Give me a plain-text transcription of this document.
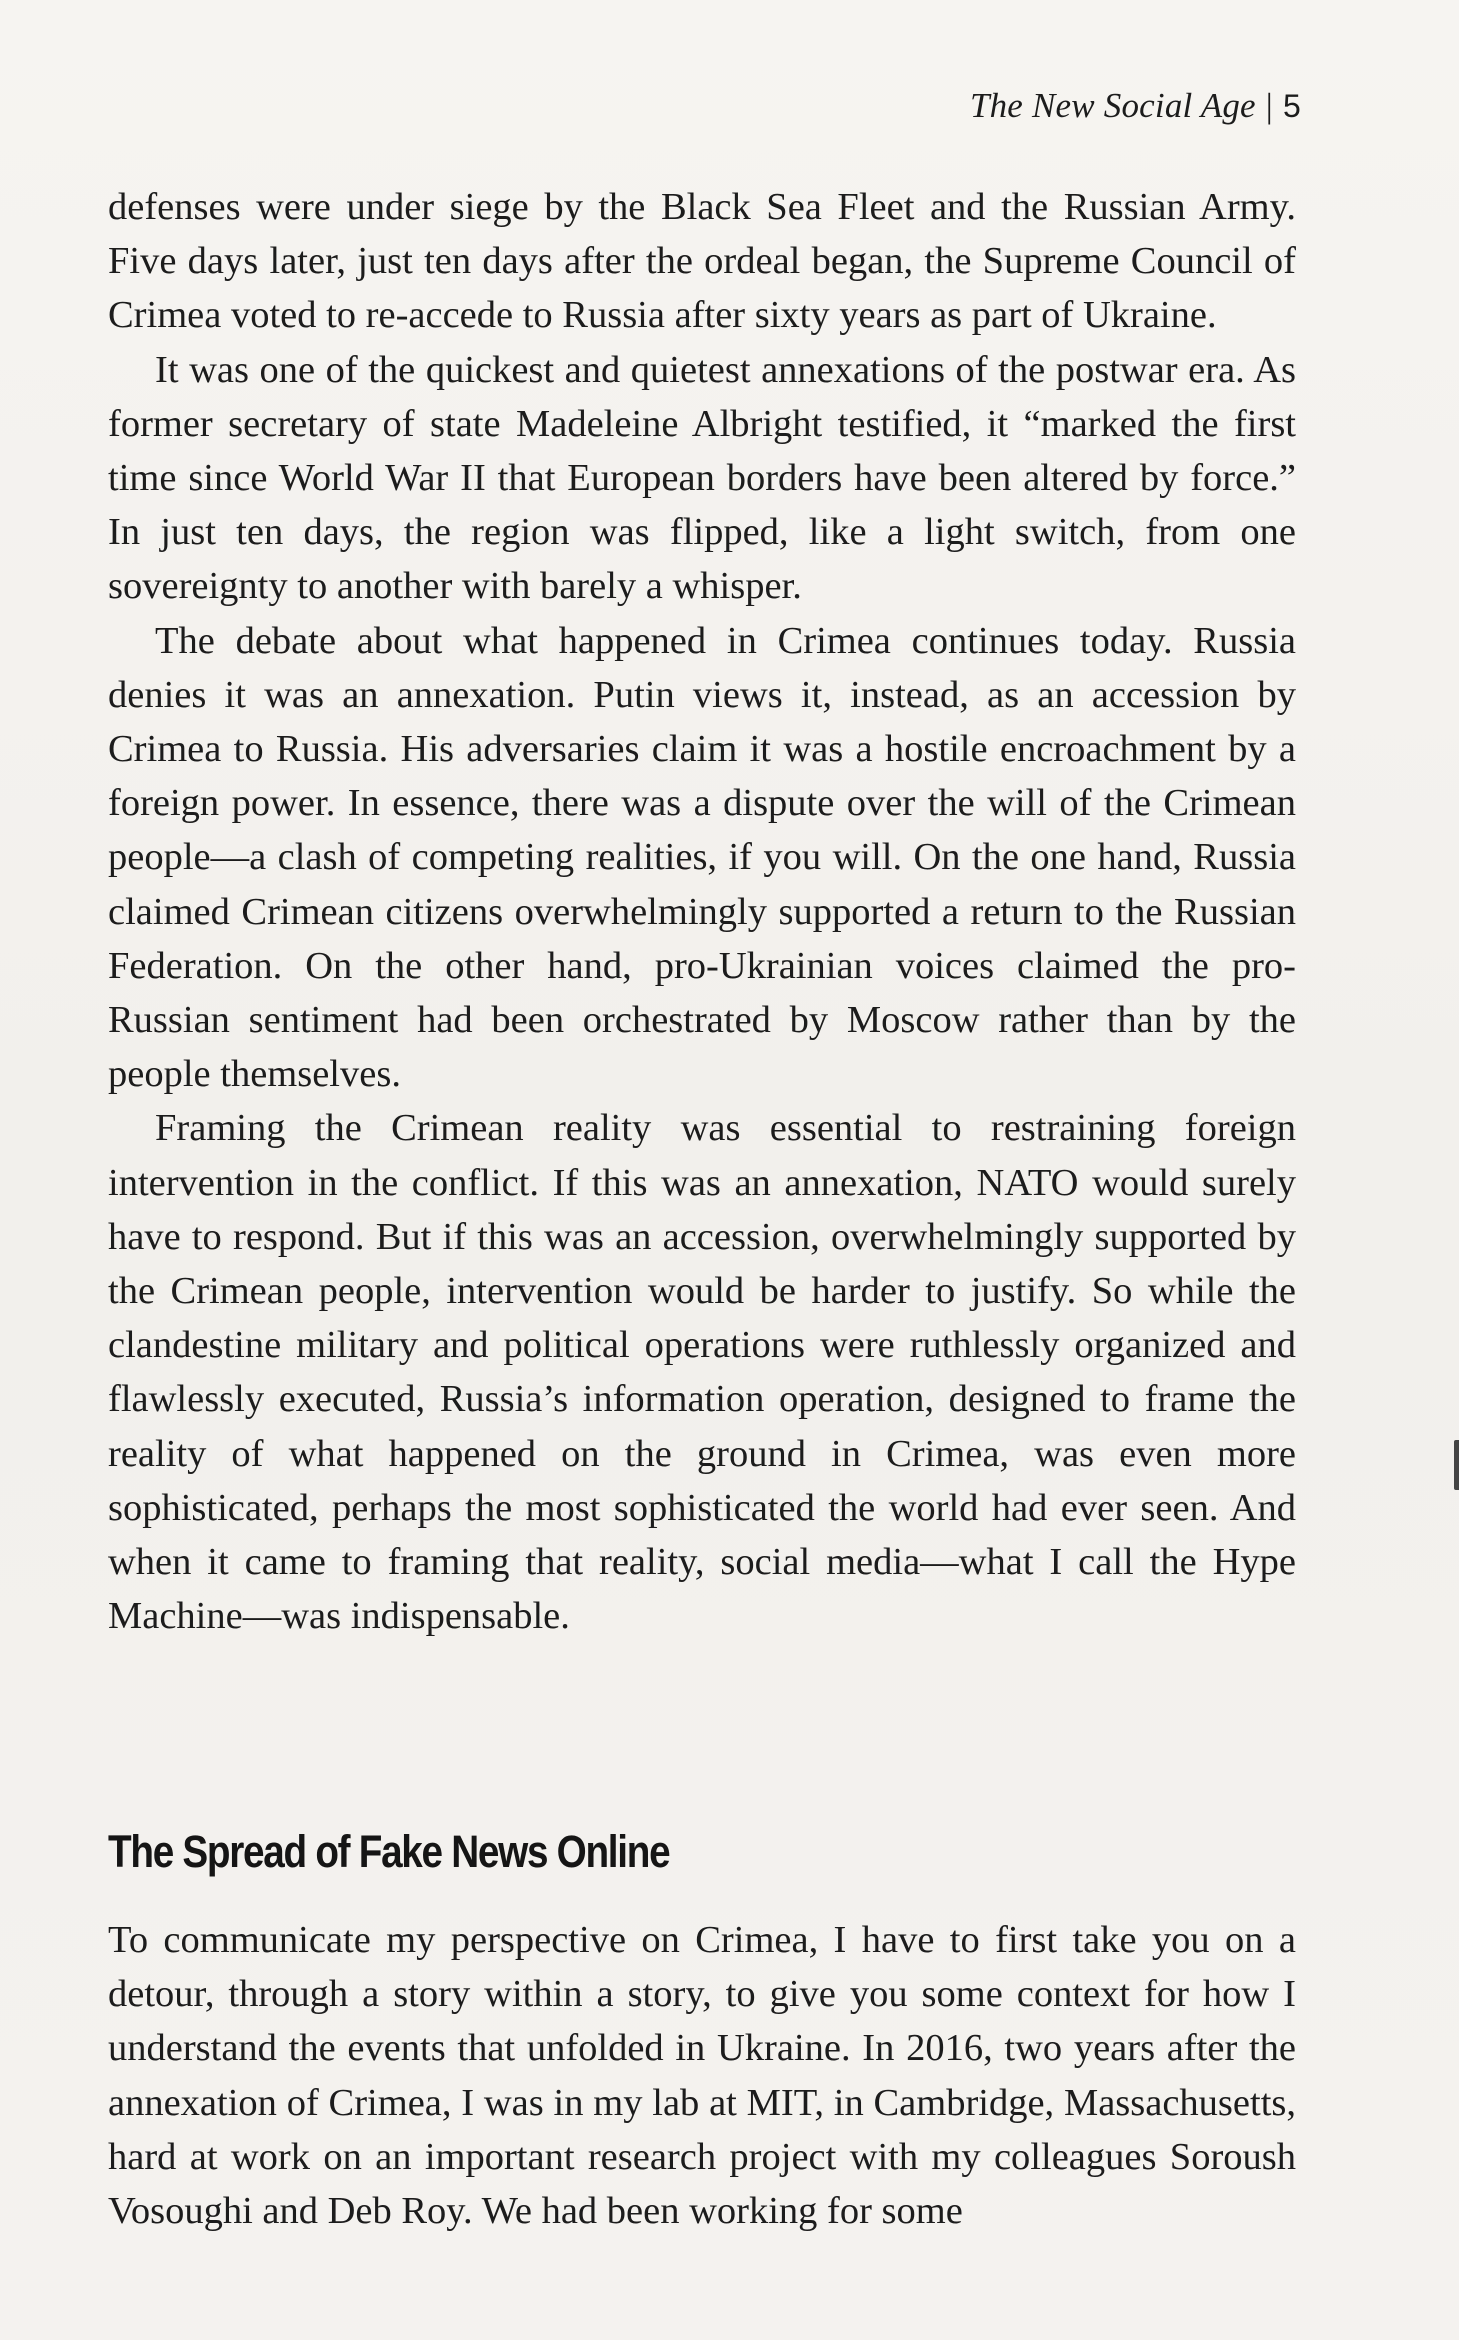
The New Social Age | 5

defenses were under siege by the Black Sea Fleet and the Russian Army. Five days later, just ten days after the ordeal began, the Supreme Council of Crimea voted to re-accede to Russia after sixty years as part of Ukraine.

It was one of the quickest and quietest annexations of the postwar era. As former secretary of state Madeleine Albright testified, it “marked the first time since World War II that European borders have been altered by force.” In just ten days, the region was flipped, like a light switch, from one sovereignty to another with barely a whisper.

The debate about what happened in Crimea continues today. Russia denies it was an annexation. Putin views it, instead, as an accession by Crimea to Russia. His adversaries claim it was a hostile encroachment by a foreign power. In essence, there was a dispute over the will of the Crimean people—a clash of competing realities, if you will. On the one hand, Russia claimed Crimean citizens overwhelmingly supported a return to the Russian Federation. On the other hand, pro-Ukrainian voices claimed the pro-Russian sentiment had been orchestrated by Moscow rather than by the people themselves.

Framing the Crimean reality was essential to restraining foreign intervention in the conflict. If this was an annexation, NATO would surely have to respond. But if this was an accession, overwhelmingly supported by the Crimean people, intervention would be harder to justify. So while the clandestine military and political operations were ruthlessly organized and flawlessly executed, Russia’s information operation, designed to frame the reality of what happened on the ground in Crimea, was even more sophisticated, perhaps the most sophisticated the world had ever seen. And when it came to framing that reality, social media—what I call the Hype Machine—was indispensable.

The Spread of Fake News Online

To communicate my perspective on Crimea, I have to first take you on a detour, through a story within a story, to give you some context for how I understand the events that unfolded in Ukraine. In 2016, two years after the annexation of Crimea, I was in my lab at MIT, in Cambridge, Massachusetts, hard at work on an important research project with my colleagues Soroush Vosoughi and Deb Roy. We had been working for some
